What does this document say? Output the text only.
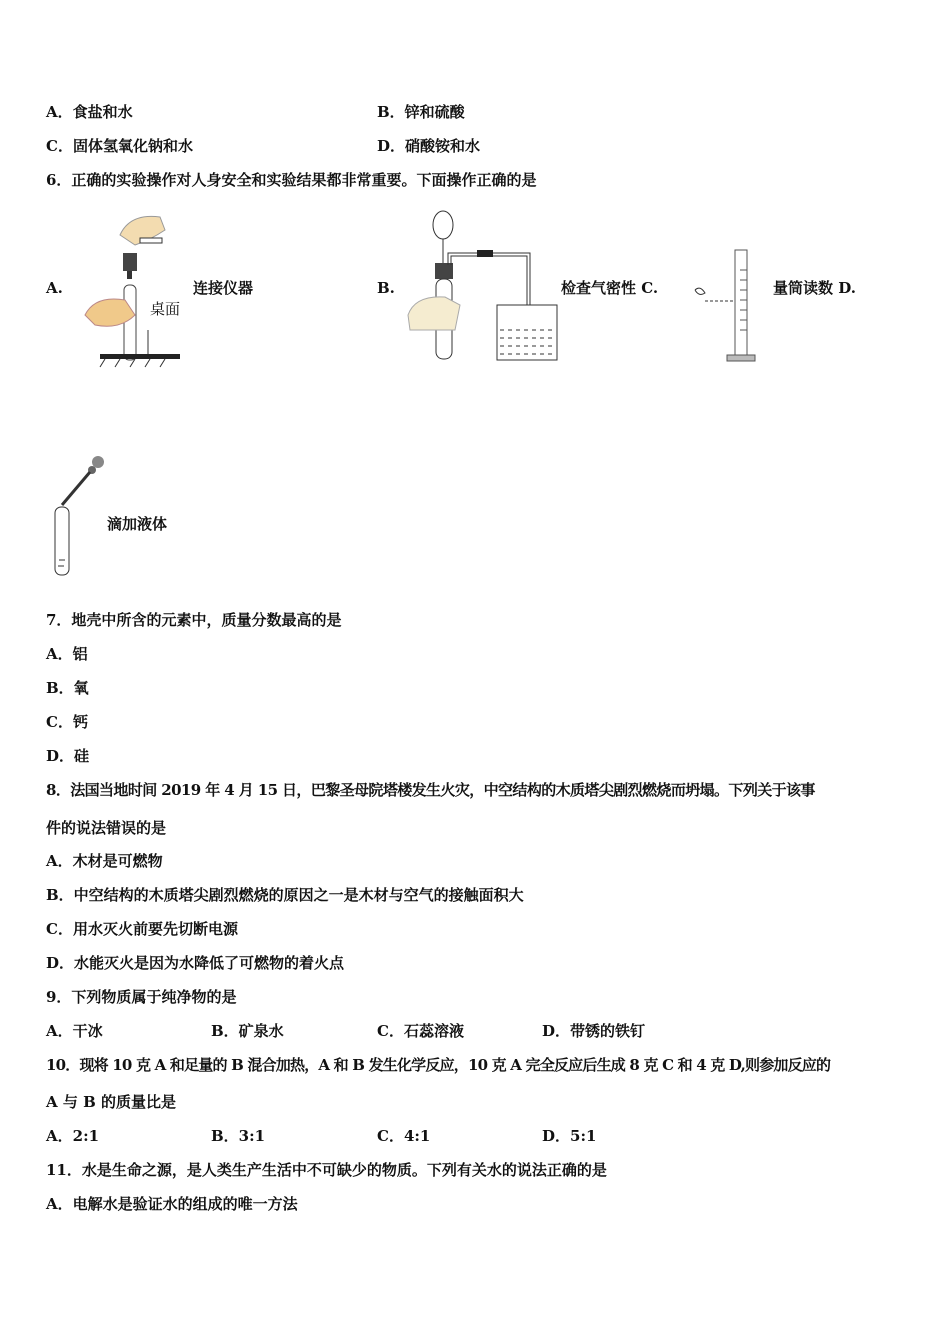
A．食盐和水	B．锌和硫酸
C．固体氢氧化钠和水	D．硝酸铵和水
6．正确的实验操作对人身安全和实验结果都非常重要。下面操作正确的是
A.
桌面
连接仪器	B.	检查气密性 C.	量筒读数 D.
滴加液体
7．地壳中所含的元素中，质量分数最高的是
A．铝
B．氧
C．钙
D．硅
8．法国当地时间 2019 年 4 月 15 日，巴黎圣母院塔楼发生火灾，中空结构的木质塔尖剧烈燃烧而坍塌。下列关于该事
件的说法错误的是
A．木材是可燃物
B．中空结构的木质塔尖剧烈燃烧的原因之一是木材与空气的接触面积大
C．用水灭火前要先切断电源
D．水能灭火是因为水降低了可燃物的着火点
9．下列物质属于纯净物的是
A．干冰	B．矿泉水	C．石蕊溶液	D．带锈的铁钉
10．现将 10 克 A 和足量的 B 混合加热，A 和 B 发生化学反应，10 克 A 完全反应后生成 8 克 C 和 4 克 D,则参加反应的
A 与 B 的质量比是
A．2:1	B．3:1	C．4:1	D．5:1
11．水是生命之源，是人类生产生活中不可缺少的物质。下列有关水的说法正确的是
A．电解水是验证水的组成的唯一方法
